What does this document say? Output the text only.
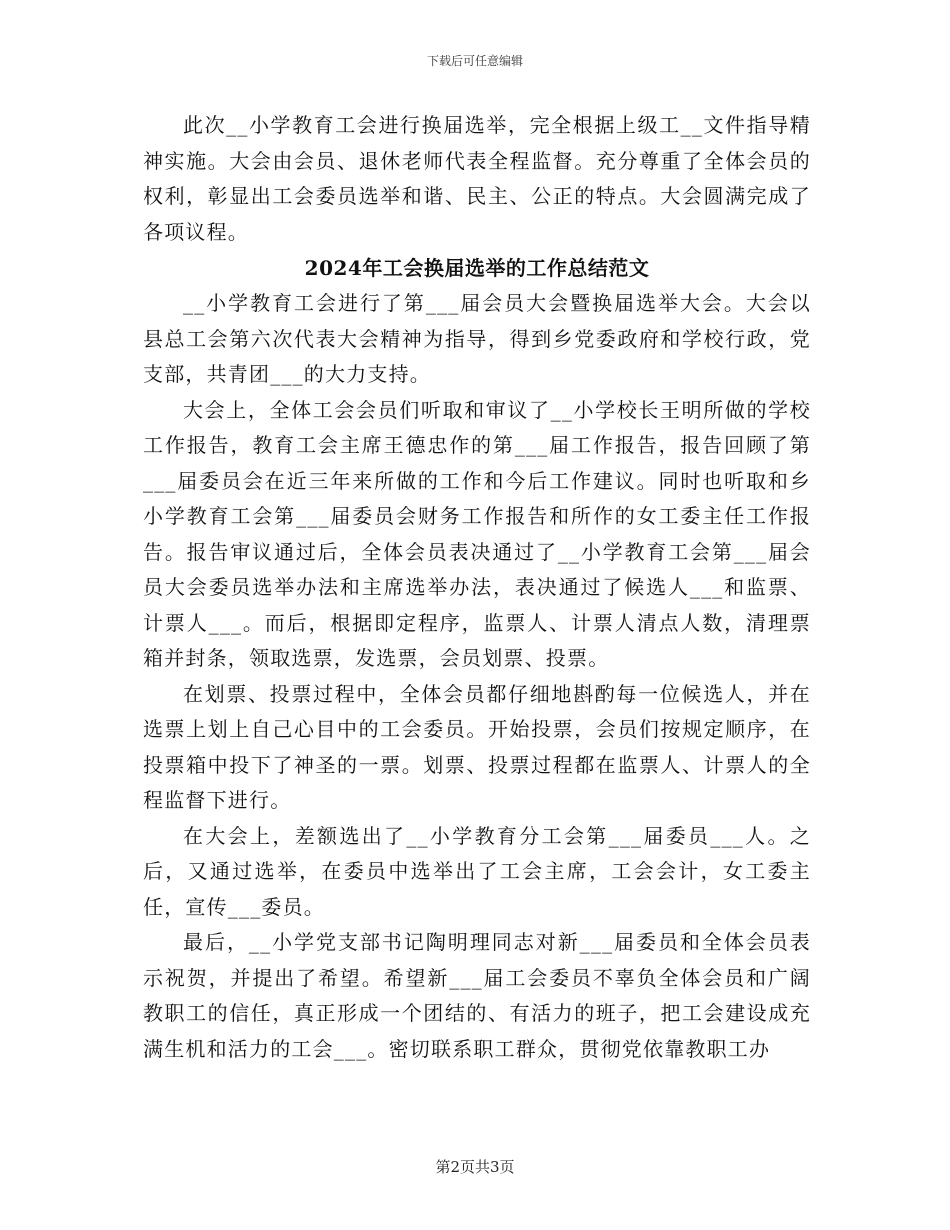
下载后可任意编辑

此次__小学教育工会进行换届选举，完全根据上级工__文件指导精神实施。大会由会员、退休老师代表全程监督。充分尊重了全体会员的权利，彰显出工会委员选举和谐、民主、公正的特点。大会圆满完成了各项议程。

2024年工会换届选举的工作总结范文

__小学教育工会进行了第___届会员大会暨换届选举大会。大会以县总工会第六次代表大会精神为指导，得到乡党委政府和学校行政，党支部，共青团___的大力支持。

大会上，全体工会会员们听取和审议了__小学校长王明所做的学校工作报告，教育工会主席王德忠作的第___届工作报告，报告回顾了第___届委员会在近三年来所做的工作和今后工作建议。同时也听取和乡小学教育工会第___届委员会财务工作报告和所作的女工委主任工作报告。报告审议通过后，全体会员表决通过了__小学教育工会第___届会员大会委员选举办法和主席选举办法，表决通过了候选人___和监票、计票人___。而后，根据即定程序，监票人、计票人清点人数，清理票箱并封条，领取选票，发选票，会员划票、投票。

在划票、投票过程中，全体会员都仔细地斟酌每一位候选人，并在选票上划上自己心目中的工会委员。开始投票，会员们按规定顺序，在投票箱中投下了神圣的一票。划票、投票过程都在监票人、计票人的全程监督下进行。

在大会上，差额选出了__小学教育分工会第___届委员___人。之后，又通过选举，在委员中选举出了工会主席，工会会计，女工委主任，宣传___委员。

最后，__小学党支部书记陶明理同志对新___届委员和全体会员表示祝贺，并提出了希望。希望新___届工会委员不辜负全体会员和广阔教职工的信任，真正形成一个团结的、有活力的班子，把工会建设成充满生机和活力的工会___。密切联系职工群众，贯彻党依靠教职工办

第2页共3页
